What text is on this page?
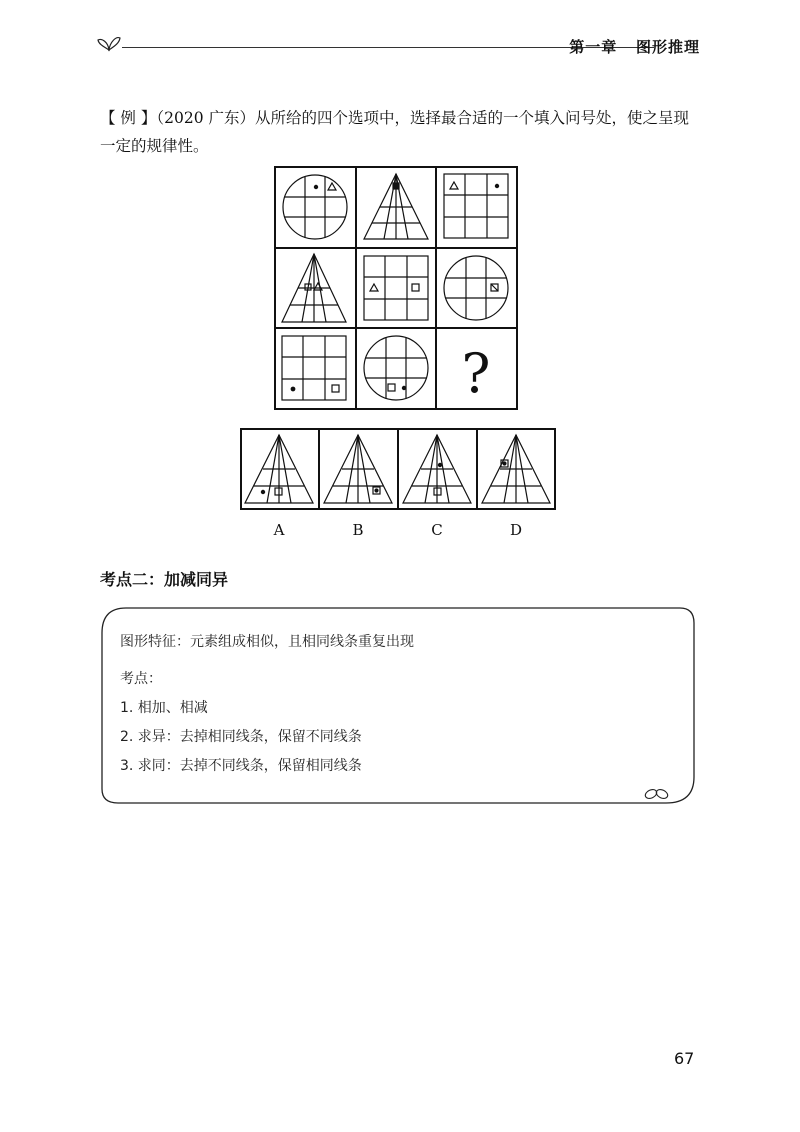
第一章 图形推理
【 例 】（2020 广东）从所给的四个选项中，选择最合适的一个填入问号处，使之呈现一定的规律性。
?
A	B	C	D
考点二：加减同异
图形特征：元素组成相似，且相同线条重复出现
考点：
1. 相加、相减
2. 求异：去掉相同线条，保留不同线条
3. 求同：去掉不同线条，保留相同线条
67
